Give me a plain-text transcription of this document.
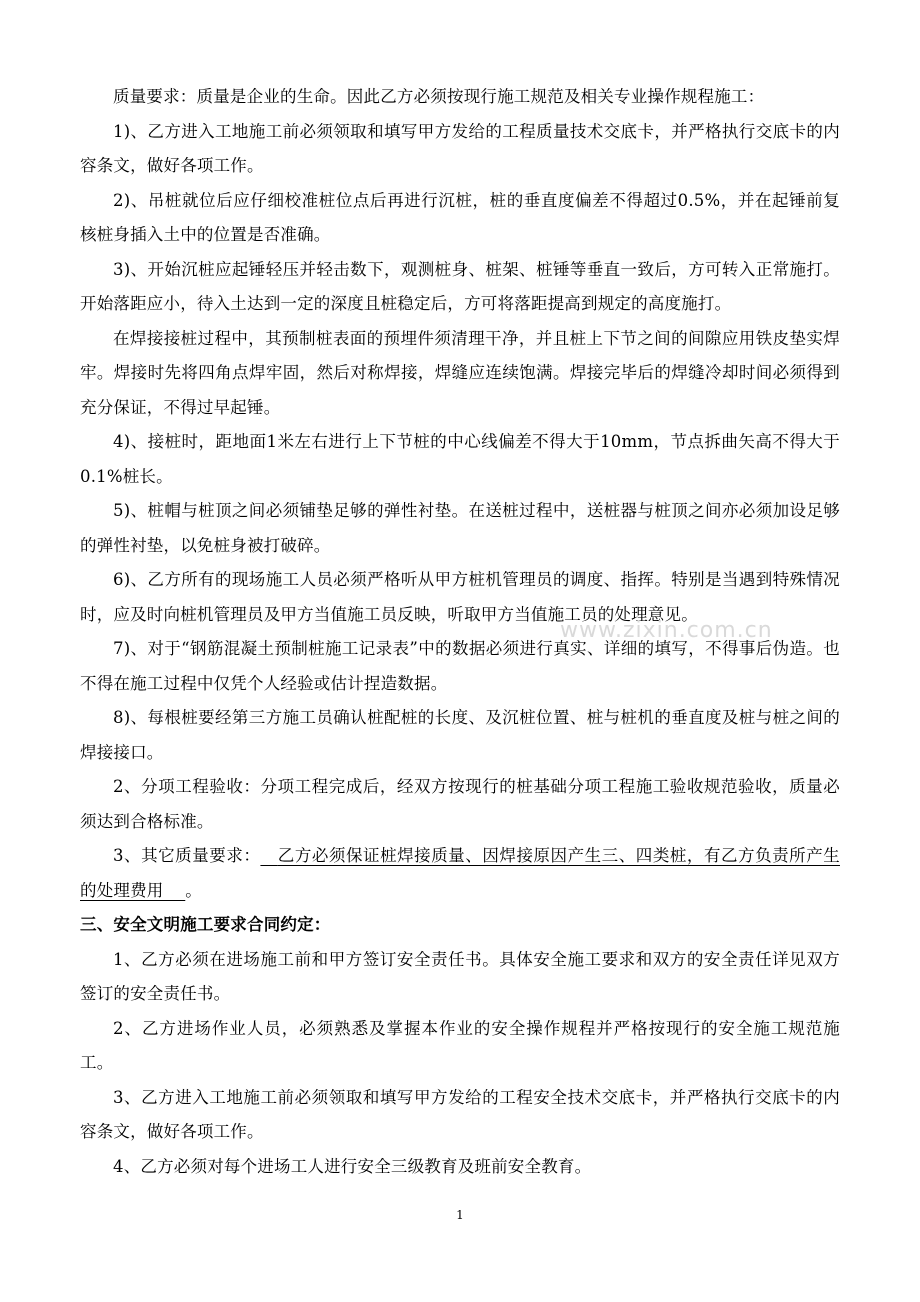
质量要求：质量是企业的生命。因此乙方必须按现行施工规范及相关专业操作规程施工：

1)、乙方进入工地施工前必须领取和填写甲方发给的工程质量技术交底卡，并严格执行交底卡的内容条文，做好各项工作。

2)、吊桩就位后应仔细校准桩位点后再进行沉桩，桩的垂直度偏差不得超过0.5%，并在起锤前复核桩身插入土中的位置是否准确。

3)、开始沉桩应起锤轻压并轻击数下，观测桩身、桩架、桩锤等垂直一致后，方可转入正常施打。开始落距应小，待入土达到一定的深度且桩稳定后，方可将落距提高到规定的高度施打。

在焊接接桩过程中，其预制桩表面的预埋件须清理干净，并且桩上下节之间的间隙应用铁皮垫实焊牢。焊接时先将四角点焊牢固，然后对称焊接，焊缝应连续饱满。焊接完毕后的焊缝冷却时间必须得到充分保证，不得过早起锤。

4)、接桩时，距地面1米左右进行上下节桩的中心线偏差不得大于10mm，节点拆曲矢高不得大于0.1%桩长。

5)、桩帽与桩顶之间必须铺垫足够的弹性衬垫。在送桩过程中，送桩器与桩顶之间亦必须加设足够的弹性衬垫，以免桩身被打破碎。

6)、乙方所有的现场施工人员必须严格听从甲方桩机管理员的调度、指挥。特别是当遇到特殊情况时，应及时向桩机管理员及甲方当值施工员反映，听取甲方当值施工员的处理意见。

7)、对于“钢筋混凝土预制桩施工记录表”中的数据必须进行真实、详细的填写，不得事后伪造。也不得在施工过程中仅凭个人经验或估计捏造数据。

8)、每根桩要经第三方施工员确认桩配桩的长度、及沉桩位置、桩与桩机的垂直度及桩与桩之间的焊接接口。

2、分项工程验收：分项工程完成后，经双方按现行的桩基础分项工程施工验收规范验收，质量必须达到合格标准。

3、其它质量要求： 乙方必须保证桩焊接质量、因焊接原因产生三、四类桩，有乙方负责所产生的处理费用 。

三、安全文明施工要求合同约定：

1、乙方必须在进场施工前和甲方签订安全责任书。具体安全施工要求和双方的安全责任详见双方签订的安全责任书。

2、乙方进场作业人员，必须熟悉及掌握本作业的安全操作规程并严格按现行的安全施工规范施工。

3、乙方进入工地施工前必须领取和填写甲方发给的工程安全技术交底卡，并严格执行交底卡的内容条文，做好各项工作。

4、乙方必须对每个进场工人进行安全三级教育及班前安全教育。

www.zixin.com.cn
1
